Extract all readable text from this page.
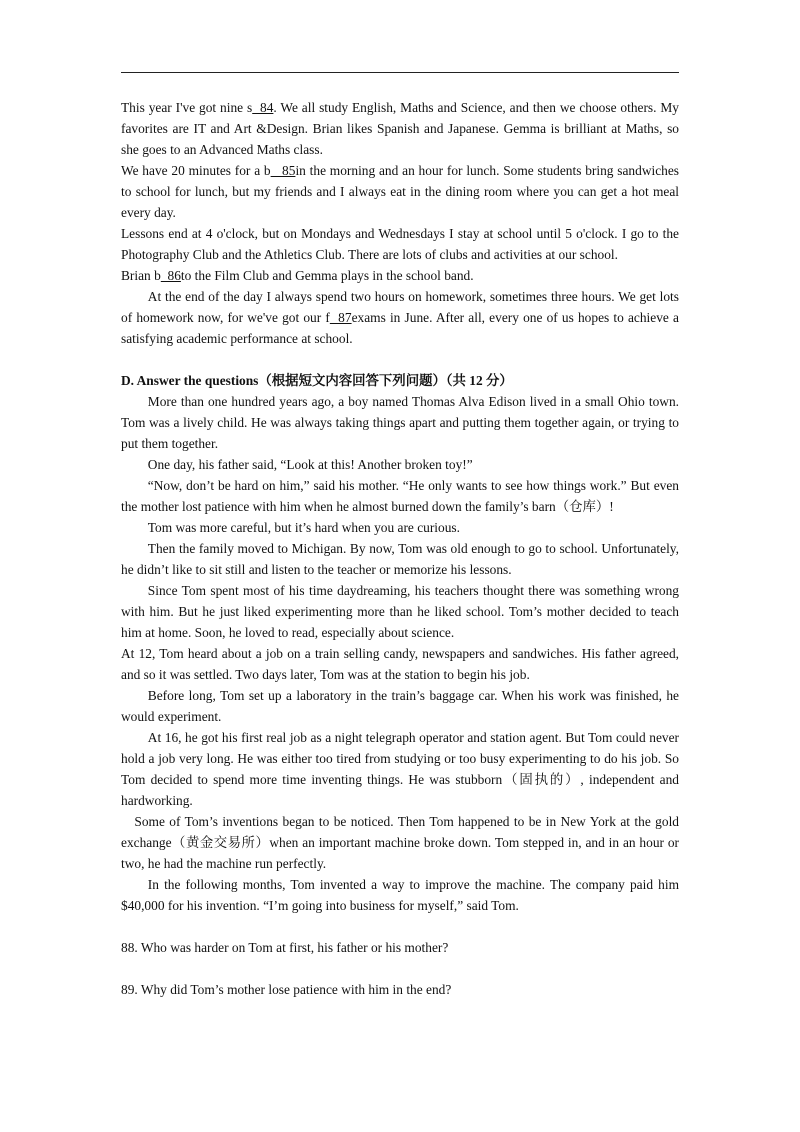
This year I've got nine s  84. We all study English, Maths and Science, and then we choose others. My favorites are IT and Art &Design. Brian likes Spanish and Japanese. Gemma is brilliant at Maths, so she goes to an Advanced Maths class.

We have 20 minutes for a b   85in the morning and an hour for lunch. Some students bring sandwiches to school for lunch, but my friends and I always eat in the dining room where you can get a hot meal every day.

Lessons end at 4 o'clock, but on Mondays and Wednesdays I stay at school until 5 o'clock. I go to the Photography Club and the Athletics Club. There are lots of clubs and activities at our school.

Brian b  86to the Film Club and Gemma plays in the school band.

At the end of the day I always spend two hours on homework, sometimes three hours. We get lots of homework now, for we've got our f  87exams in June. After all, every one of us hopes to achieve a satisfying academic performance at school.

D. Answer the questions（根据短文内容回答下列问题）（共 12 分）

More than one hundred years ago, a boy named Thomas Alva Edison lived in a small Ohio town. Tom was a lively child. He was always taking things apart and putting them together again, or trying to put them together.

One day, his father said, “Look at this! Another broken toy!”

“Now, don’t be hard on him,” said his mother. “He only wants to see how things work.” But even the mother lost patience with him when he almost burned down the family’s barn（仓库）!

Tom was more careful, but it’s hard when you are curious.

Then the family moved to Michigan. By now, Tom was old enough to go to school. Unfortunately, he didn’t like to sit still and listen to the teacher or memorize his lessons.

Since Tom spent most of his time daydreaming, his teachers thought there was something wrong with him. But he just liked experimenting more than he liked school. Tom’s mother decided to teach him at home. Soon, he loved to read, especially about science.

At 12, Tom heard about a job on a train selling candy, newspapers and sandwiches. His father agreed, and so it was settled. Two days later, Tom was at the station to begin his job.

Before long, Tom set up a laboratory in the train’s baggage car. When his work was finished, he would experiment.

At 16, he got his first real job as a night telegraph operator and station agent. But Tom could never hold a job very long. He was either too tired from studying or too busy experimenting to do his job. So Tom decided to spend more time inventing things. He was stubborn（固执的）, independent and hardworking.

Some of Tom’s inventions began to be noticed. Then Tom happened to be in New York at the gold exchange（黄金交易所）when an important machine broke down. Tom stepped in, and in an hour or two, he had the machine run perfectly.

In the following months, Tom invented a way to improve the machine. The company paid him $40,000 for his invention. “I’m going into business for myself,” said Tom.

88. Who was harder on Tom at first, his father or his mother?

89. Why did Tom’s mother lose patience with him in the end?
